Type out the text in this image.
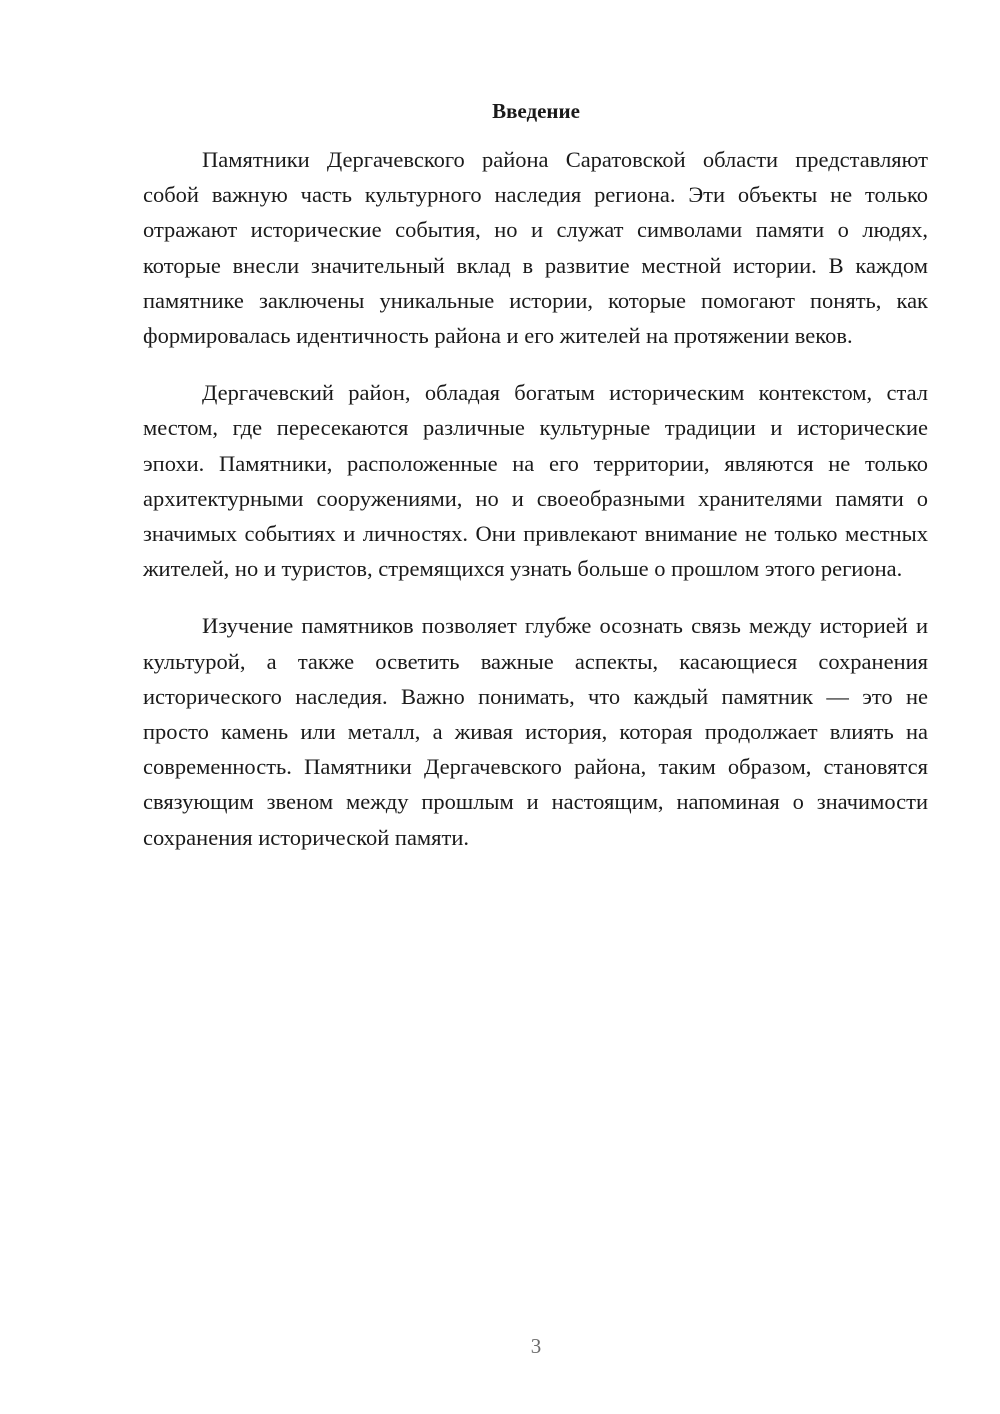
Введение

Памятники Дергачевского района Саратовской области представляют собой важную часть культурного наследия региона. Эти объекты не только отражают исторические события, но и служат символами памяти о людях, которые внесли значительный вклад в развитие местной истории. В каждом памятнике заключены уникальные истории, которые помогают понять, как формировалась идентичность района и его жителей на протяжении веков.

Дергачевский район, обладая богатым историческим контекстом, стал местом, где пересекаются различные культурные традиции и исторические эпохи. Памятники, расположенные на его территории, являются не только архитектурными сооружениями, но и своеобразными хранителями памяти о значимых событиях и личностях. Они привлекают внимание не только местных жителей, но и туристов, стремящихся узнать больше о прошлом этого региона.

Изучение памятников позволяет глубже осознать связь между историей и культурой, а также осветить важные аспекты, касающиеся сохранения исторического наследия. Важно понимать, что каждый памятник — это не просто камень или металл, а живая история, которая продолжает влиять на современность. Памятники Дергачевского района, таким образом, становятся связующим звеном между прошлым и настоящим, напоминая о значимости сохранения исторической памяти.

3
